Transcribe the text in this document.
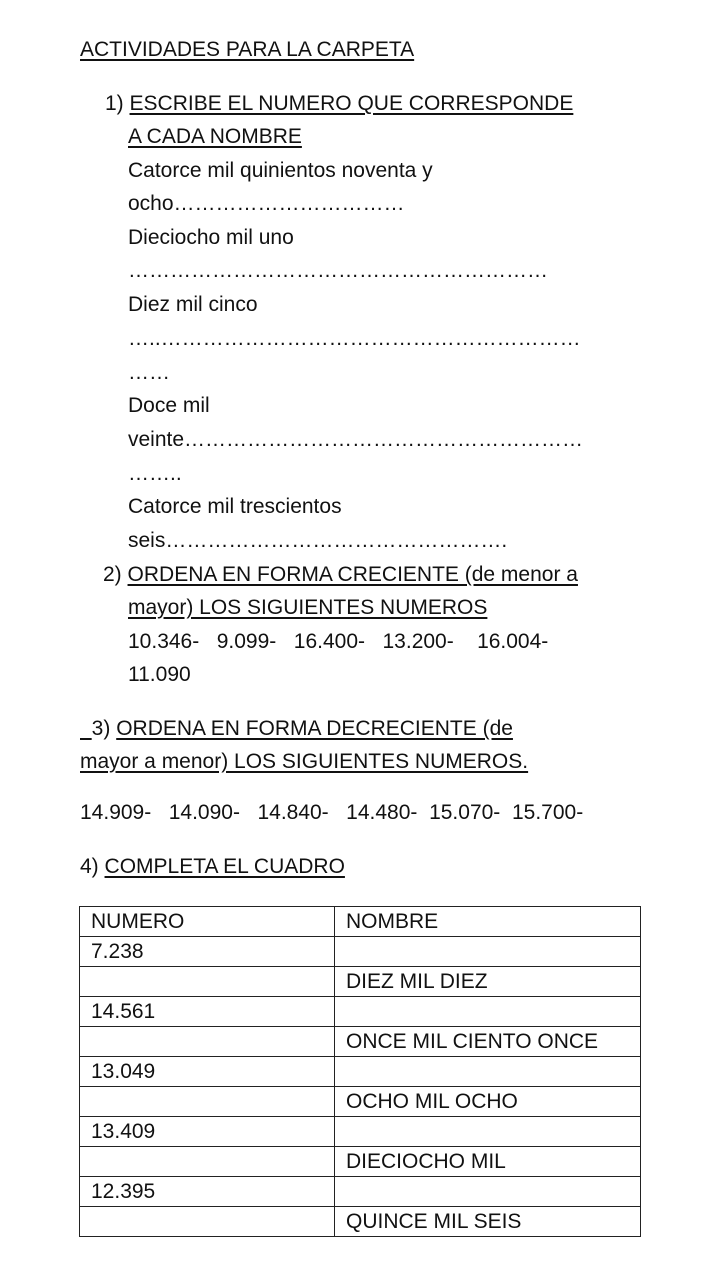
ACTIVIDADES PARA LA CARPETA
1) ESCRIBE EL NUMERO QUE CORRESPONDE
A CADA NOMBRE
Catorce mil quinientos noventa y
ocho……………………………
Dieciocho mil uno
……………………………………………………
Diez mil cinco
…..……………………………………………………
……
Doce mil
veinte…………………………………………………
……..
Catorce mil trescientos
seis………………………………………….
2) ORDENA EN FORMA CRECIENTE (de menor a
mayor) LOS SIGUIENTES NUMEROS
10.346-   9.099-   16.400-   13.200-    16.004-
11.090
3) ORDENA EN FORMA DECRECIENTE (de
mayor a menor) LOS SIGUIENTES NUMEROS.
14.909-   14.090-   14.840-   14.480-  15.070-  15.700-
4) COMPLETA EL CUADRO
NUMERO	NOMBRE
7.238	
	DIEZ MIL DIEZ
14.561	
	ONCE MIL CIENTO ONCE
13.049	
	OCHO MIL OCHO
13.409	
	DIECIOCHO MIL
12.395	
	QUINCE MIL SEIS
